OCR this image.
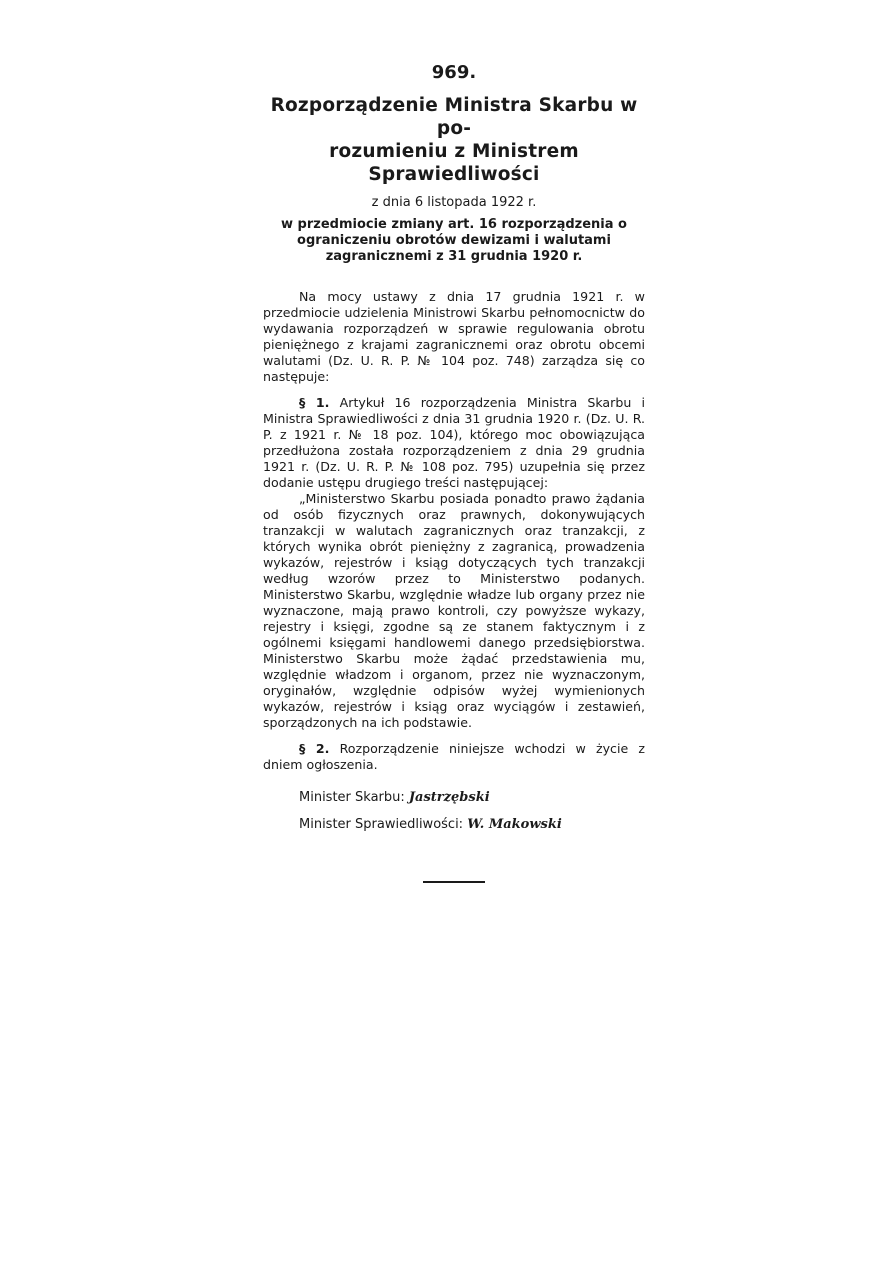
969.
Rozporządzenie Ministra Skarbu w po-
rozumieniu z Ministrem Sprawiedliwości
z dnia 6 listopada 1922 r.
w przedmiocie zmiany art. 16 rozporządzenia o ograniczeniu obrotów dewizami i walutami zagranicznemi z 31 grudnia 1920 r.

Na mocy ustawy z dnia 17 grudnia 1921 r. w przedmiocie udzielenia Ministrowi Skarbu pełnomocnictw do wydawania rozporządzeń w sprawie regulowania obrotu pieniężnego z krajami zagranicznemi oraz obrotu obcemi walutami (Dz. U. R. P. № 104 poz. 748) zarządza się co następuje:

§ 1. Artykuł 16 rozporządzenia Ministra Skarbu i Ministra Sprawiedliwości z dnia 31 grudnia 1920 r. (Dz. U. R. P. z 1921 r. № 18 poz. 104), którego moc obowiązująca przedłużona została rozporządzeniem z dnia 29 grudnia 1921 r. (Dz. U. R. P. № 108 poz. 795) uzupełnia się przez dodanie ustępu drugiego treści następującej:

„Ministerstwo Skarbu posiada ponadto prawo żądania od osób fizycznych oraz prawnych, dokonywujących tranzakcji w walutach zagranicznych oraz tranzakcji, z których wynika obrót pieniężny z zagranicą, prowadzenia wykazów, rejestrów i ksiąg dotyczących tych tranzakcji według wzorów przez to Ministerstwo podanych. Ministerstwo Skarbu, względnie władze lub organy przez nie wyznaczone, mają prawo kontroli, czy powyższe wykazy, rejestry i księgi, zgodne są ze stanem faktycznym i z ogólnemi księgami handlowemi danego przedsiębiorstwa. Ministerstwo Skarbu może żądać przedstawienia mu, względnie władzom i organom, przez nie wyznaczonym, oryginałów, względnie odpisów wyżej wymienionych wykazów, rejestrów i ksiąg oraz wyciągów i zestawień, sporządzonych na ich podstawie.

§ 2. Rozporządzenie niniejsze wchodzi w życie z dniem ogłoszenia.

Minister Skarbu: Jastrzębski
Minister Sprawiedliwości: W. Makowski
